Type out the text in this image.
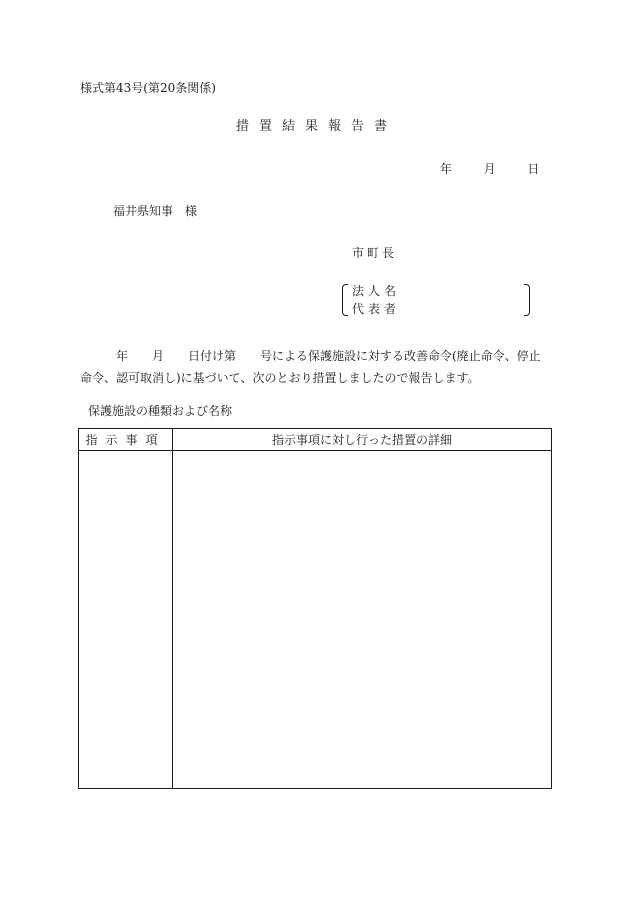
様式第43号(第20条関係)
措置結果報告書
年	月	日
福井県知事　様
市町長
法人名
代表者
年　　月　　日付け第　　号による保護施設に対する改善命令(廃止命令、停止命令、認可取消し)に基づいて、次のとおり措置しましたので報告します。
保護施設の種類および名称
指示事項	指示事項に対し行った措置の詳細
